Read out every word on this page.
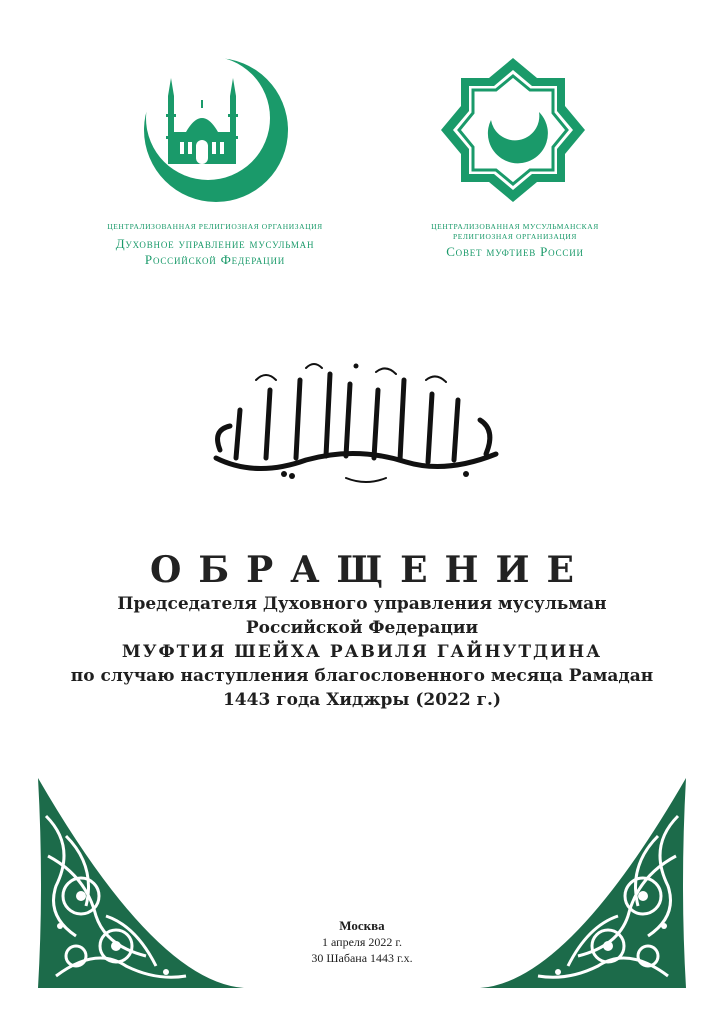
ЦЕНТРАЛИЗОВАННАЯ РЕЛИГИОЗНАЯ ОРГАНИЗАЦИЯ
Духовное управление мусульман
Российской Федерации
ЦЕНТРАЛИЗОВАННАЯ МУСУЛЬМАНСКАЯ
РЕЛИГИОЗНАЯ ОРГАНИЗАЦИЯ
Совет муфтиев России
ОБРАЩЕНИЕ
Председателя Духовного управления мусульман
Российской Федерации
МУФТИЯ ШЕЙХА РАВИЛЯ ГАЙНУТДИНА
по случаю наступления благословенного месяца Рамадан
1443 года Хиджры (2022 г.)
Москва
1 апреля 2022 г.
30 Шабана 1443 г.х.
